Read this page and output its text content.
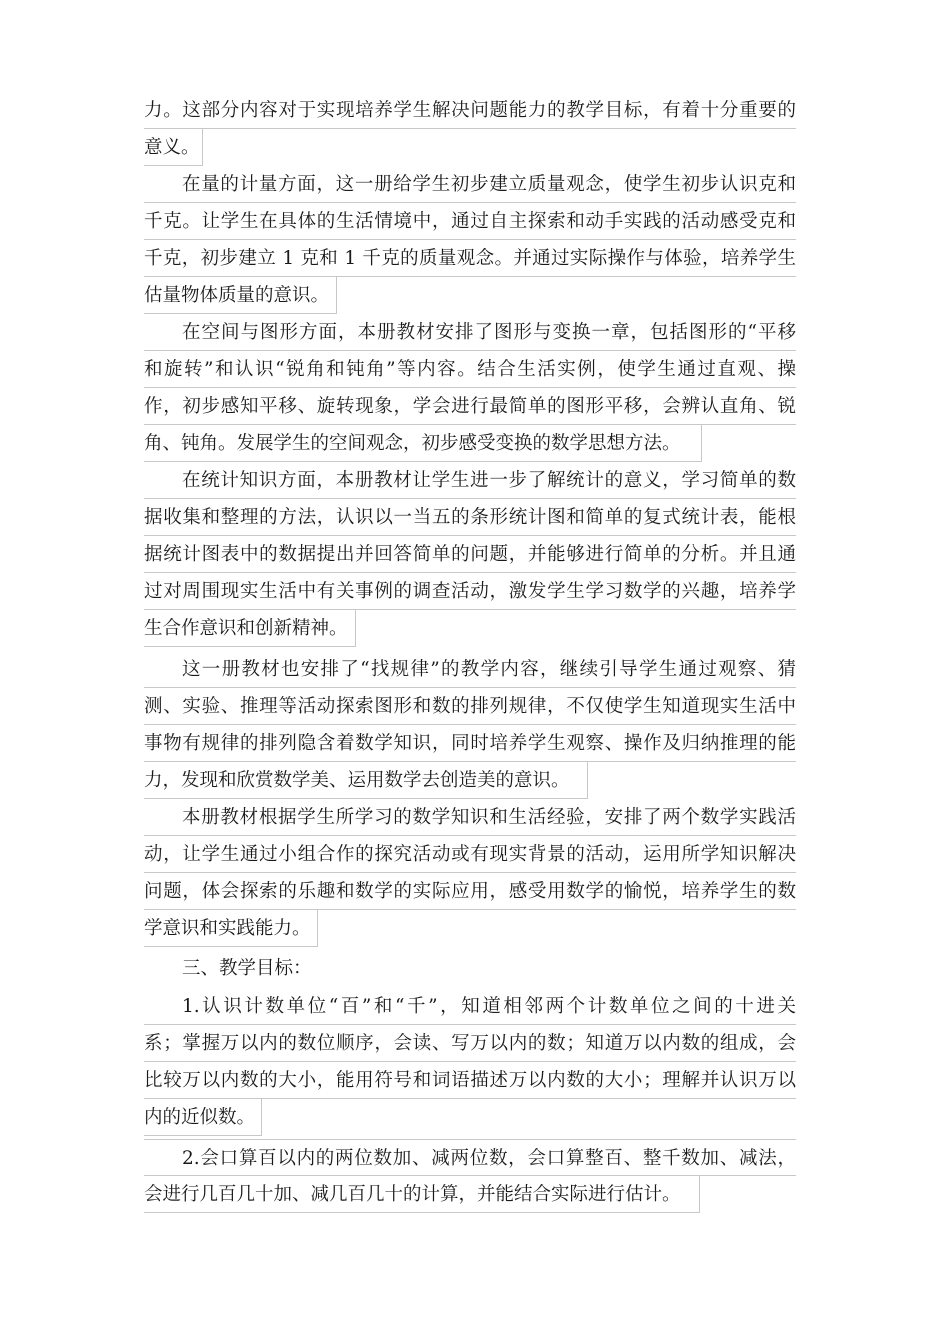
力。这部分内容对于实现培养学生解决问题能力的教学目标，有着十分重要的
意义。
在量的计量方面，这一册给学生初步建立质量观念，使学生初步认识克和
千克。让学生在具体的生活情境中，通过自主探索和动手实践的活动感受克和
千克，初步建立 1 克和 1 千克的质量观念。并通过实际操作与体验，培养学生
估量物体质量的意识。
在空间与图形方面，本册教材安排了图形与变换一章，包括图形的“平移
和旋转”和认识“锐角和钝角”等内容。结合生活实例，使学生通过直观、操
作，初步感知平移、旋转现象，学会进行最简单的图形平移，会辨认直角、锐
角、钝角。发展学生的空间观念，初步感受变换的数学思想方法。
在统计知识方面，本册教材让学生进一步了解统计的意义，学习简单的数
据收集和整理的方法，认识以一当五的条形统计图和简单的复式统计表，能根
据统计图表中的数据提出并回答简单的问题，并能够进行简单的分析。并且通
过对周围现实生活中有关事例的调查活动，激发学生学习数学的兴趣，培养学
生合作意识和创新精神。
这一册教材也安排了“找规律”的教学内容，继续引导学生通过观察、猜
测、实验、推理等活动探索图形和数的排列规律，不仅使学生知道现实生活中
事物有规律的排列隐含着数学知识，同时培养学生观察、操作及归纳推理的能
力，发现和欣赏数学美、运用数学去创造美的意识。
本册教材根据学生所学习的数学知识和生活经验，安排了两个数学实践活
动，让学生通过小组合作的探究活动或有现实背景的活动，运用所学知识解决
问题，体会探索的乐趣和数学的实际应用，感受用数学的愉悦，培养学生的数
学意识和实践能力。
三、教学目标：
1.认识计数单位“百”和“千”，知道相邻两个计数单位之间的十进关
系；掌握万以内的数位顺序，会读、写万以内的数；知道万以内数的组成，会
比较万以内数的大小，能用符号和词语描述万以内数的大小；理解并认识万以
内的近似数。
2.会口算百以内的两位数加、减两位数，会口算整百、整千数加、减法，
会进行几百几十加、减几百几十的计算，并能结合实际进行估计。
